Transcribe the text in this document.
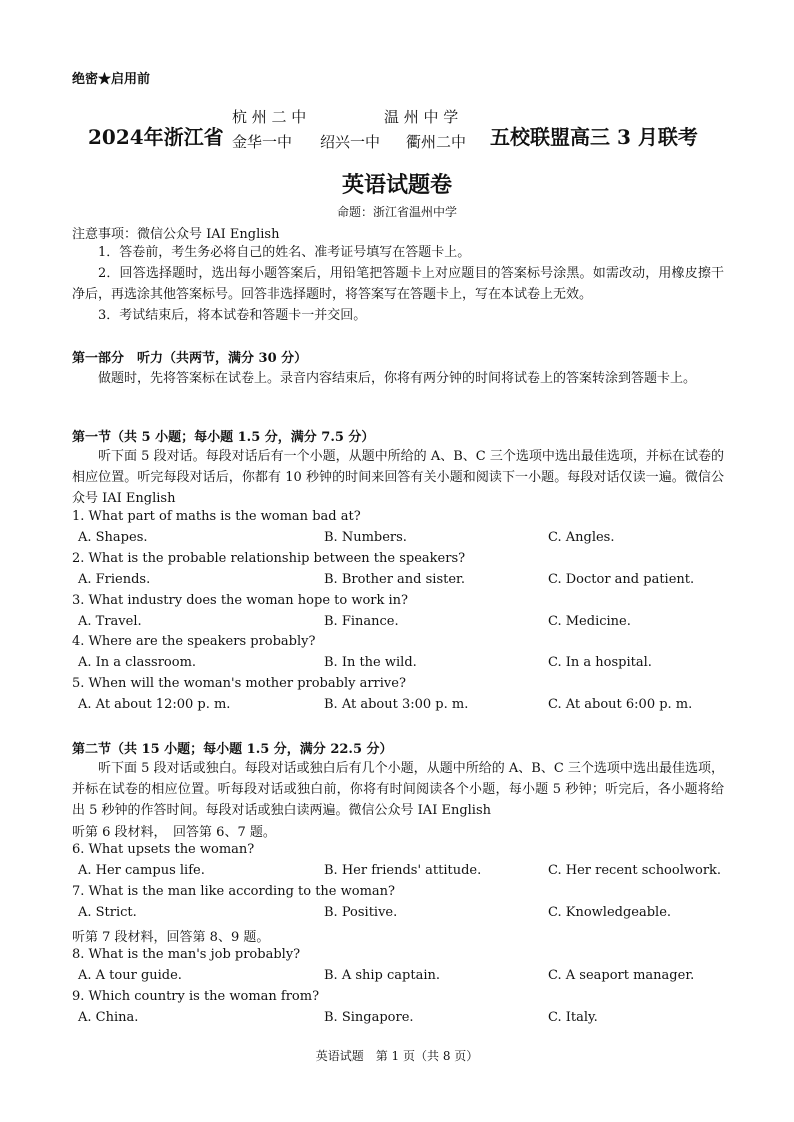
绝密★启用前
2024年浙江省
杭 州 二 中	温 州 中 学
金华一中 绍兴一中 衢州二中 五校联盟高三 3 月联考
英语试题卷
命题：浙江省温州中学
注意事项：微信公众号 IAI English
1．答卷前，考生务必将自己的姓名、准考证号填写在答题卡上。
2．回答选择题时，选出每小题答案后，用铅笔把答题卡上对应题目的答案标号涂黑。如需改动，用橡皮擦干净后，再选涂其他答案标号。回答非选择题时，将答案写在答题卡上，写在本试卷上无效。
3．考试结束后，将本试卷和答题卡一并交回。
第一部分　听力（共两节，满分 30 分）
做题时，先将答案标在试卷上。录音内容结束后，你将有两分钟的时间将试卷上的答案转涂到答题卡上。
第一节（共 5 小题；每小题 1.5 分，满分 7.5 分）
听下面 5 段对话。每段对话后有一个小题，从题中所给的 A、B、C 三个选项中选出最佳选项，并标在试卷的相应位置。听完每段对话后，你都有 10 秒钟的时间来回答有关小题和阅读下一小题。每段对话仅读一遍。微信公众号 IAI English
1. What part of maths is the woman bad at?
A. Shapes.	B. Numbers.	C. Angles.
2. What is the probable relationship between the speakers?
A. Friends.	B. Brother and sister.	C. Doctor and patient.
3. What industry does the woman hope to work in?
A. Travel.	B. Finance.	C. Medicine.
4. Where are the speakers probably?
A. In a classroom.	B. In the wild.	C. In a hospital.
5. When will the woman's mother probably arrive?
A. At about 12:00 p. m.	B. At about 3:00 p. m.	C. At about 6:00 p. m.
第二节（共 15 小题；每小题 1.5 分，满分 22.5 分）
听下面 5 段对话或独白。每段对话或独白后有几个小题，从题中所给的 A、B、C 三个选项中选出最佳选项，并标在试卷的相应位置。听每段对话或独白前，你将有时间阅读各个小题，每小题 5 秒钟；听完后，各小题将给出 5 秒钟的作答时间。每段对话或独白读两遍。微信公众号 IAI English
听第 6 段材料，　回答第 6、7 题。
6. What upsets the woman?
A. Her campus life.	B. Her friends' attitude.	C. Her recent schoolwork.
7. What is the man like according to the woman?
A. Strict.	B. Positive.	C. Knowledgeable.
听第 7 段材料，回答第 8、9 题。
8. What is the man's job probably?
A. A tour guide.	B. A ship captain.	C. A seaport manager.
9. Which country is the woman from?
A. China.	B. Singapore.	C. Italy.
英语试题　第 1 页（共 8 页）
